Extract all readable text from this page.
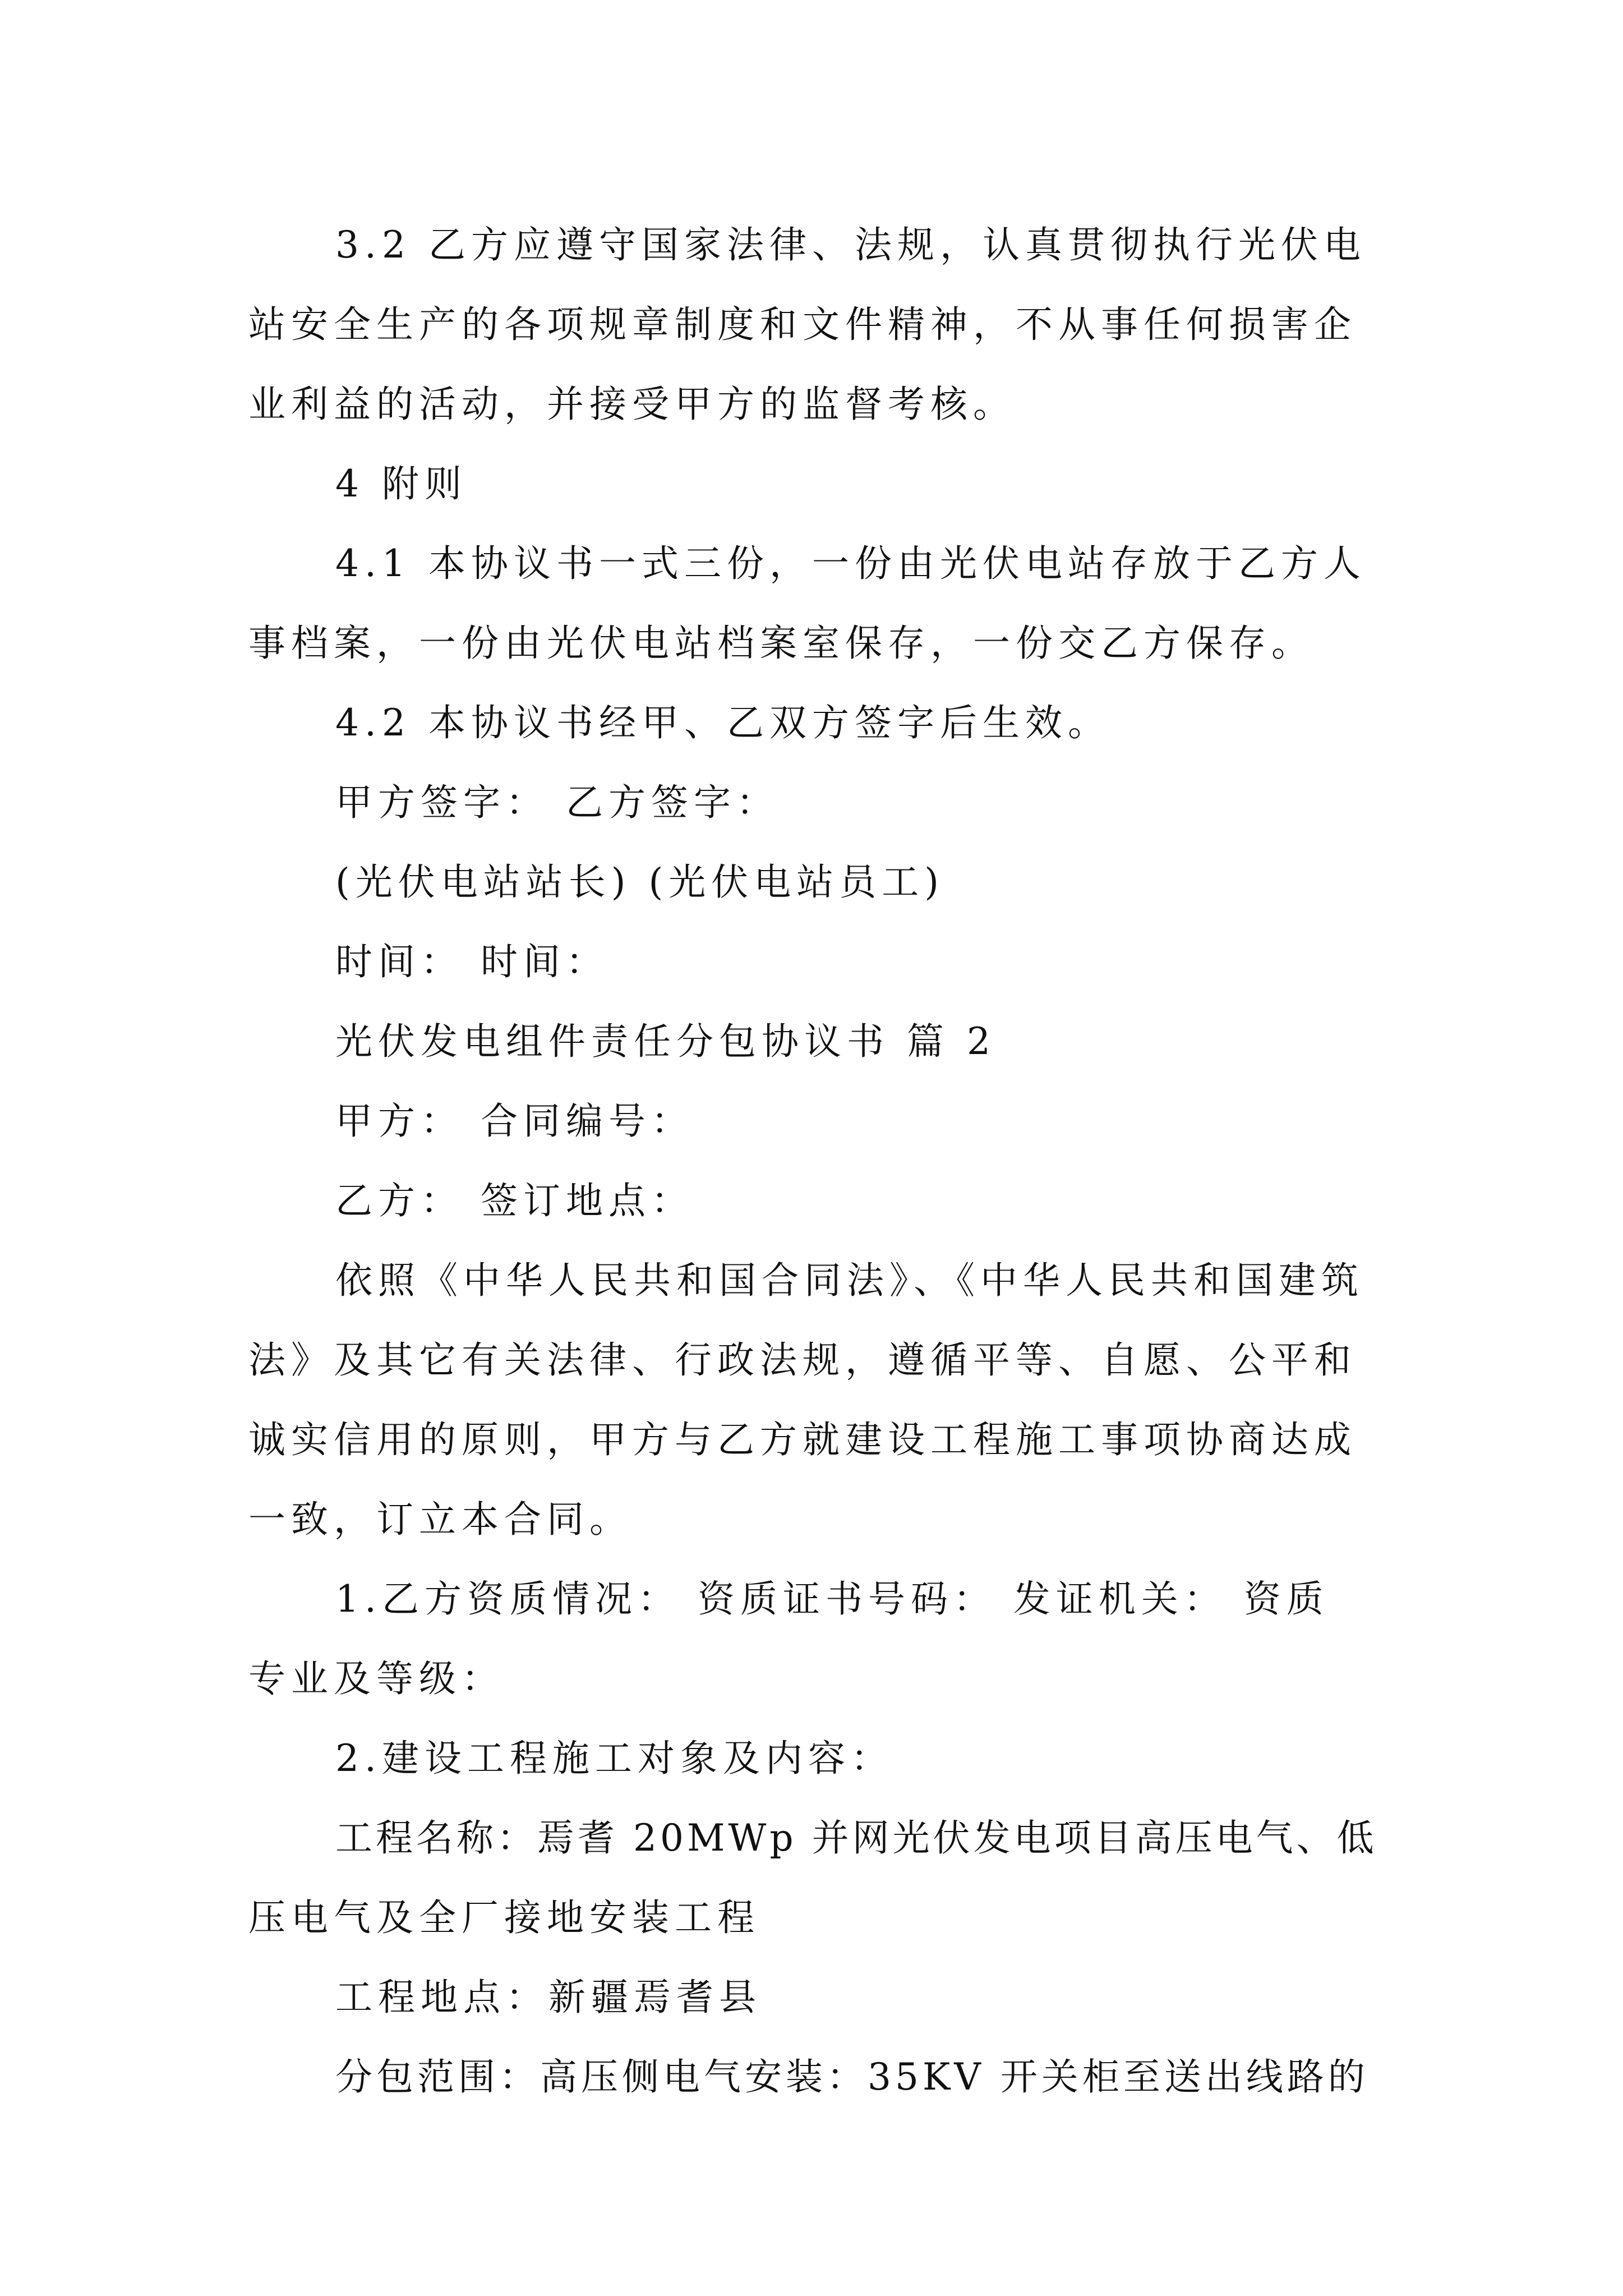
3.2 乙方应遵守国家法律、法规，认真贯彻执行光伏电
站安全生产的各项规章制度和文件精神，不从事任何损害企
业利益的活动，并接受甲方的监督考核。
4 附则
4.1 本协议书一式三份，一份由光伏电站存放于乙方人
事档案，一份由光伏电站档案室保存，一份交乙方保存。
4.2 本协议书经甲、乙双方签字后生效。
甲方签字： 乙方签字：
(光伏电站站长) (光伏电站员工)
时间： 时间：
光伏发电组件责任分包协议书 篇 2
甲方： 合同编号：
乙方： 签订地点：
依照《中华人民共和国合同法》、《中华人民共和国建筑
法》及其它有关法律、行政法规，遵循平等、自愿、公平和
诚实信用的原则，甲方与乙方就建设工程施工事项协商达成
一致，订立本合同。
1.乙方资质情况： 资质证书号码： 发证机关： 资质
专业及等级：
2.建设工程施工对象及内容：
工程名称：焉耆 20MWp 并网光伏发电项目高压电气、低
压电气及全厂接地安装工程
工程地点：新疆焉耆县
分包范围：高压侧电气安装：35KV 开关柜至送出线路的
